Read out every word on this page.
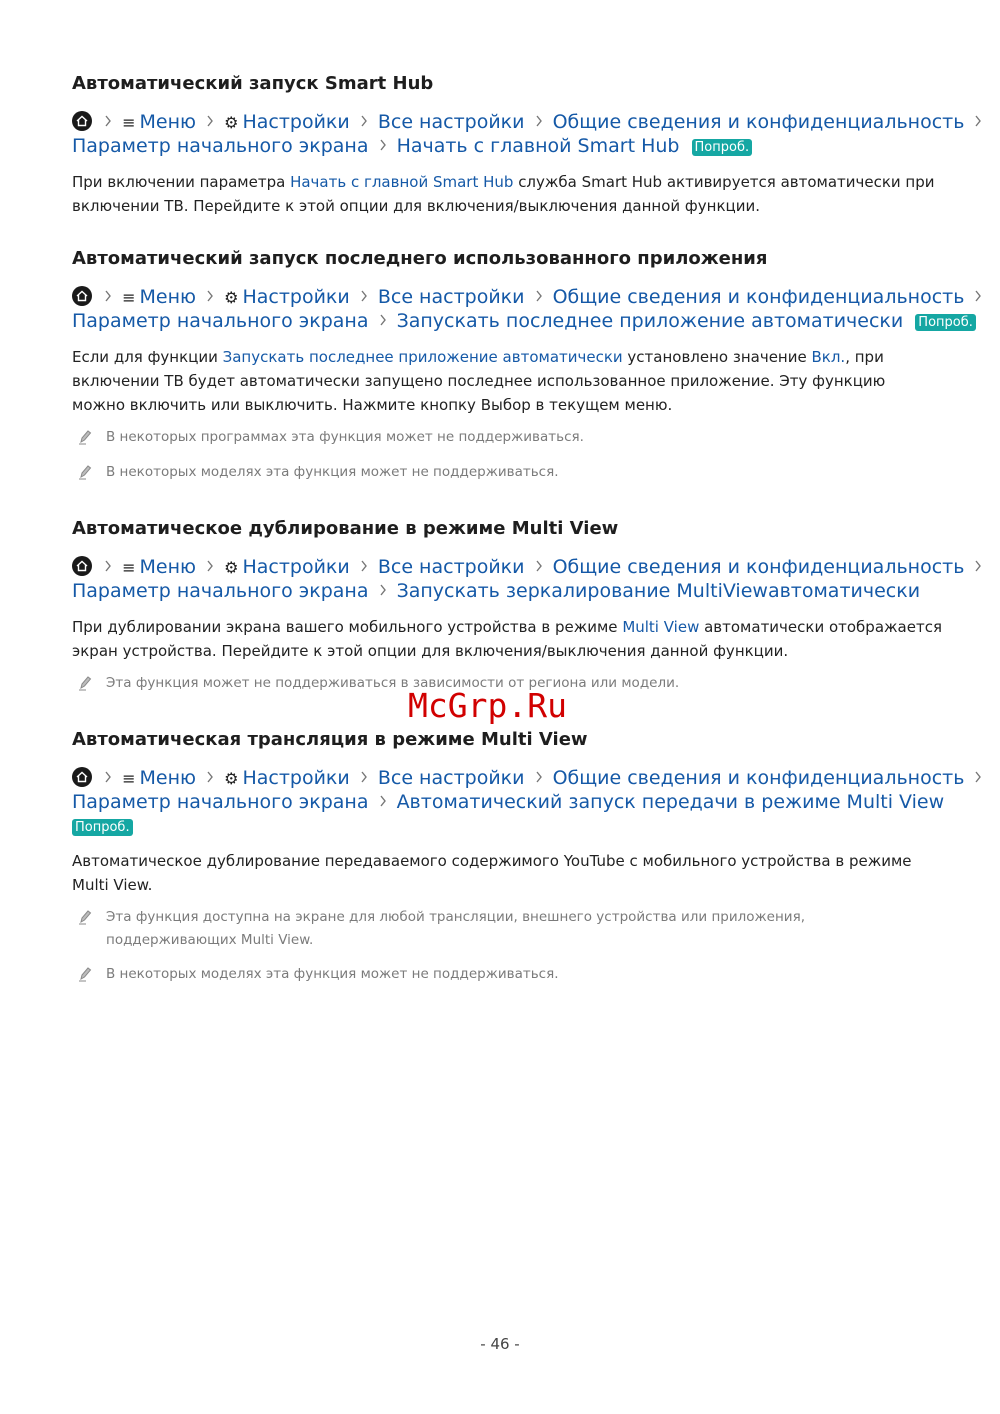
Автоматический запуск Smart Hub
≡ Меню ⚙ Настройки Все настройки Общие сведения и конфиденциальность
Параметр начального экрана Начать с главной Smart Hub Попроб.

При включении параметра Начать с главной Smart Hub служба Smart Hub активируется автоматически при включении ТВ. Перейдите к этой опции для включения/выключения данной функции.

Автоматический запуск последнего использованного приложения
≡ Меню ⚙ Настройки Все настройки Общие сведения и конфиденциальность
Параметр начального экрана Запускать последнее приложение автоматически Попроб.

Если для функции Запускать последнее приложение автоматически установлено значение Вкл., при включении ТВ будет автоматически запущено последнее использованное приложение. Эту функцию можно включить или выключить. Нажмите кнопку Выбор в текущем меню.

В некоторых программах эта функция может не поддерживаться.
В некоторых моделях эта функция может не поддерживаться.
Автоматическое дублирование в режиме Multi View
≡ Меню ⚙ Настройки Все настройки Общие сведения и конфиденциальность
Параметр начального экрана Запускать зеркалирование MultiViewавтоматически

При дублировании экрана вашего мобильного устройства в режиме Multi View автоматически отображается экран устройства. Перейдите к этой опции для включения/выключения данной функции.

Эта функция может не поддерживаться в зависимости от региона или модели.
McGrp.Ru
Автоматическая трансляция в режиме Multi View
≡ Меню ⚙ Настройки Все настройки Общие сведения и конфиденциальность
Параметр начального экрана Автоматический запуск передачи в режиме Multi View
Попроб.

Автоматическое дублирование передаваемого содержимого YouTube с мобильного устройства в режиме Multi View.

Эта функция доступна на экране для любой трансляции, внешнего устройства или приложения, поддерживающих Multi View.
В некоторых моделях эта функция может не поддерживаться.
- 46 -
